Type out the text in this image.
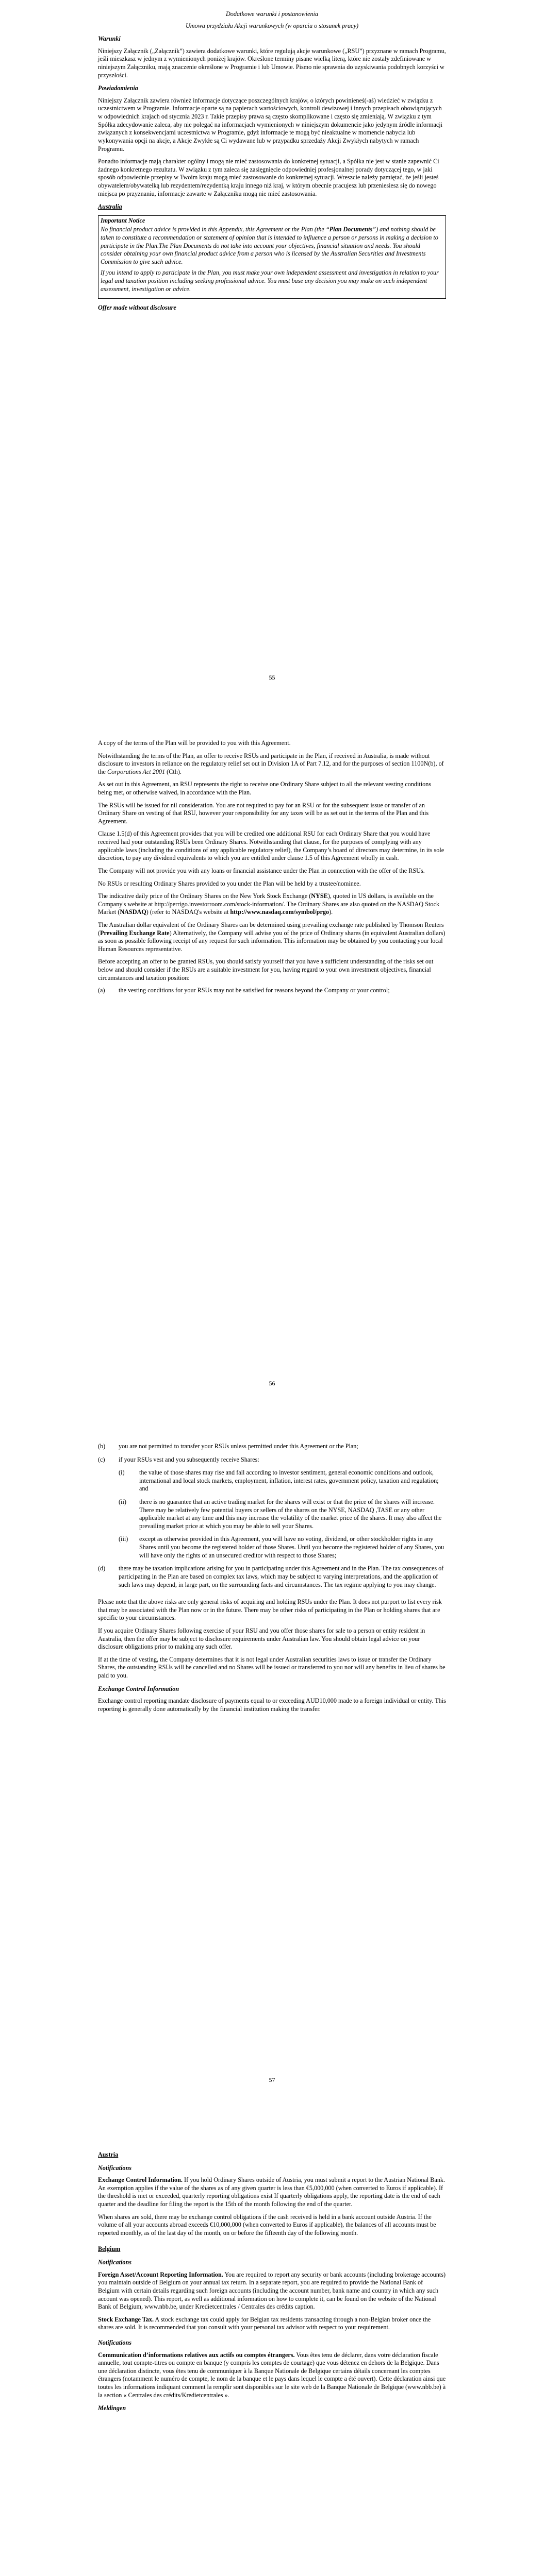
Dodatkowe warunki i postanowienia

Umowa przydziału Akcji warunkowych (w oparciu o stosunek pracy)

Warunki

Niniejszy Załącznik („Załącznik”) zawiera dodatkowe warunki, które regulują akcje warunkowe („RSU”) przyznane w ramach Programu, jeśli mieszkasz w jednym z wymienionych poniżej krajów. Określone terminy pisane wielką literą, które nie zostały zdefiniowane w niniejszym Załączniku, mają znaczenie określone w Programie i lub Umowie. Pismo nie sprawnia do uzyskiwania podobnych korzyści w przyszłości.

Powiadomienia

Niniejszy Załącznik zawiera również informacje dotyczące poszczególnych krajów, o których powinieneś(-aś) wiedzieć w związku z uczestnictwem w Programie. Informacje oparte są na papierach wartościowych, kontroli dewizowej i innych przepisach obowiązujących w odpowiednich krajach od stycznia 2023 r. Takie przepisy prawa są często skomplikowane i często się zmieniają. W związku z tym Spółka zdecydowanie zaleca, aby nie polegać na informacjach wymienionych w niniejszym dokumencie jako jedynym źródle informacji związanych z konsekwencjami uczestnictwa w Programie, gdyż informacje te mogą być nieaktualne w momencie nabycia lub wykonywania opcji na akcje, a Akcje Zwykłe są Ci wydawane lub w przypadku sprzedaży Akcji Zwykłych nabytych w ramach Programu.

Ponadto informacje mają charakter ogólny i mogą nie mieć zastosowania do konkretnej sytuacji, a Spółka nie jest w stanie zapewnić Ci żadnego konkretnego rezultatu. W związku z tym zaleca się zasięgnięcie odpowiedniej profesjonalnej porady dotyczącej tego, w jaki sposób odpowiednie przepisy w Twoim kraju mogą mieć zastosowanie do konkretnej sytuacji. Wreszcie należy pamiętać, że jeśli jesteś obywatelem/obywatelką lub rezydentem/rezydentką kraju innego niż kraj, w którym obecnie pracujesz lub przeniesiesz się do nowego miejsca po przyznaniu, informacje zawarte w Załączniku mogą nie mieć zastosowania.

Australia

Important Notice

No financial product advice is provided in this Appendix, this Agreement or the Plan (the “Plan Documents”) and nothing should be taken to constitute a recommendation or statement of opinion that is intended to influence a person or persons in making a decision to participate in the Plan.The Plan Documents do not take into account your objectives, financial situation and needs. You should consider obtaining your own financial product advice from a person who is licensed by the Australian Securities and Investments Commission to give such advice.

If you intend to apply to participate in the Plan, you must make your own independent assessment and investigation in relation to your legal and taxation position including seeking professional advice. You must base any decision you may make on such independent assessment, investigation or advice.

Offer made without disclosure

55

A copy of the terms of the Plan will be provided to you with this Agreement.

Notwithstanding the terms of the Plan, an offer to receive RSUs and participate in the Plan, if received in Australia, is made without disclosure to investors in reliance on the regulatory relief set out in Division 1A of Part 7.12, and for the purposes of section 1100N(b), of the Corporations Act 2001 (Cth).

As set out in this Agreement, an RSU represents the right to receive one Ordinary Share subject to all the relevant vesting conditions being met, or otherwise waived, in accordance with the Plan.

The RSUs will be issued for nil consideration. You are not required to pay for an RSU or for the subsequent issue or transfer of an Ordinary Share on vesting of that RSU, however your responsibility for any taxes will be as set out in the terms of the Plan and this Agreement.

Clause 1.5(d) of this Agreement provides that you will be credited one additional RSU for each Ordinary Share that you would have received had your outstanding RSUs been Ordinary Shares. Notwithstanding that clause, for the purposes of complying with any applicable laws (including the conditions of any applicable regulatory relief), the Company’s board of directors may determine, in its sole discretion, to pay any dividend equivalents to which you are entitled under clause 1.5 of this Agreement wholly in cash.

The Company will not provide you with any loans or financial assistance under the Plan in connection with the offer of the RSUs.

No RSUs or resulting Ordinary Shares provided to you under the Plan will be held by a trustee/nominee.

The indicative daily price of the Ordinary Shares on the New York Stock Exchange (NYSE), quoted in US dollars, is available on the Company's website at http://perrigo.investorroom.com/stock-information/. The Ordinary Shares are also quoted on the NASDAQ Stock Market (NASDAQ) (refer to NASDAQ's website at http://www.nasdaq.com/symbol/prgo).

The Australian dollar equivalent of the Ordinary Shares can be determined using prevailing exchange rate published by Thomson Reuters (Prevailing Exchange Rate) Alternatively, the Company will advise you of the price of Ordinary shares (in equivalent Australian dollars) as soon as possible following receipt of any request for such information. This information may be obtained by you contacting your local Human Resources representative.

Before accepting an offer to be granted RSUs, you should satisfy yourself that you have a sufficient understanding of the risks set out below and should consider if the RSUs are a suitable investment for you, having regard to your own investment objectives, financial circumstances and taxation position:

(a)	the vesting conditions for your RSUs may not be satisfied for reasons beyond the Company or your control;
56
(b)	you are not permitted to transfer your RSUs unless permitted under this Agreement or the Plan;
(c)	if your RSUs vest and you subsequently receive Shares:
(i)	the value of those shares may rise and fall according to investor sentiment, general economic conditions and outlook, international and local stock markets, employment, inflation, interest rates, government policy, taxation and regulation; and
(ii)	there is no guarantee that an active trading market for the shares will exist or that the price of the shares will increase. There may be relatively few potential buyers or sellers of the shares on the NYSE, NASDAQ ,TASE or any other applicable market at any time and this may increase the volatility of the market price of the shares. It may also affect the prevailing market price at which you may be able to sell your Shares.
(iii)	except as otherwise provided in this Agreement, you will have no voting, dividend, or other stockholder rights in any Shares until you become the registered holder of those Shares. Until you become the registered holder of any Shares, you will have only the rights of an unsecured creditor with respect to those Shares;
(d)	there may be taxation implications arising for you in participating under this Agreement and in the Plan. The tax consequences of participating in the Plan are based on complex tax laws, which may be subject to varying interpretations, and the application of such laws may depend, in large part, on the surrounding facts and circumstances. The tax regime applying to you may change.

Please note that the above risks are only general risks of acquiring and holding RSUs under the Plan. It does not purport to list every risk that may be associated with the Plan now or in the future. There may be other risks of participating in the Plan or holding shares that are specific to your circumstances.

If you acquire Ordinary Shares following exercise of your RSU and you offer those shares for sale to a person or entity resident in Australia, then the offer may be subject to disclosure requirements under Australian law. You should obtain legal advice on your disclosure obligations prior to making any such offer.

If at the time of vesting, the Company determines that it is not legal under Australian securities laws to issue or transfer the Ordinary Shares, the outstanding RSUs will be cancelled and no Shares will be issued or transferred to you nor will any benefits in lieu of shares be paid to you.

Exchange Control Information

Exchange control reporting mandate disclosure of payments equal to or exceeding AUD10,000 made to a foreign individual or entity. This reporting is generally done automatically by the financial institution making the transfer.

57

Austria

Notifications

Exchange Control Information. If you hold Ordinary Shares outside of Austria, you must submit a report to the Austrian National Bank. An exemption applies if the value of the shares as of any given quarter is less than €5,000,000 (when converted to Euros if applicable). If the threshold is met or exceeded, quarterly reporting obligations exist If quarterly obligations apply, the reporting date is the end of each quarter and the deadline for filing the report is the 15th of the month following the end of the quarter.

When shares are sold, there may be exchange control obligations if the cash received is held in a bank account outside Austria. If the volume of all your accounts abroad exceeds €10,000,000 (when converted to Euros if applicable), the balances of all accounts must be reported monthly, as of the last day of the month, on or before the fifteenth day of the following month.

Belgium

Notifications

Foreign Asset/Account Reporting Information. You are required to report any security or bank accounts (including brokerage accounts) you maintain outside of Belgium on your annual tax return. In a separate report, you are required to provide the National Bank of Belgium with certain details regarding such foreign accounts (including the account number, bank name and country in which any such account was opened). This report, as well as additional information on how to complete it, can be found on the website of the National Bank of Belgium, www.nbb.be, under Kredietcentrales / Centrales des crédits caption.

Stock Exchange Tax. A stock exchange tax could apply for Belgian tax residents transacting through a non-Belgian broker once the shares are sold. It is recommended that you consult with your personal tax advisor with respect to your requirement.

Notifications

Communication d’informations relatives aux actifs ou comptes étrangers. Vous êtes tenu de déclarer, dans votre déclaration fiscale annuelle, tout compte-titres ou compte en banque (y compris les comptes de courtage) que vous détenez en dehors de la Belgique. Dans une déclaration distincte, vous êtes tenu de communiquer à la Banque Nationale de Belgique certains détails concernant les comptes étrangers (notamment le numéro de compte, le nom de la banque et le pays dans lequel le compte a été ouvert). Cette déclaration ainsi que toutes les informations indiquant comment la remplir sont disponibles sur le site web de la Banque Nationale de Belgique (www.nbb.be) à la section « Centrales des crédits/Kredietcentrales ».

Meldingen
